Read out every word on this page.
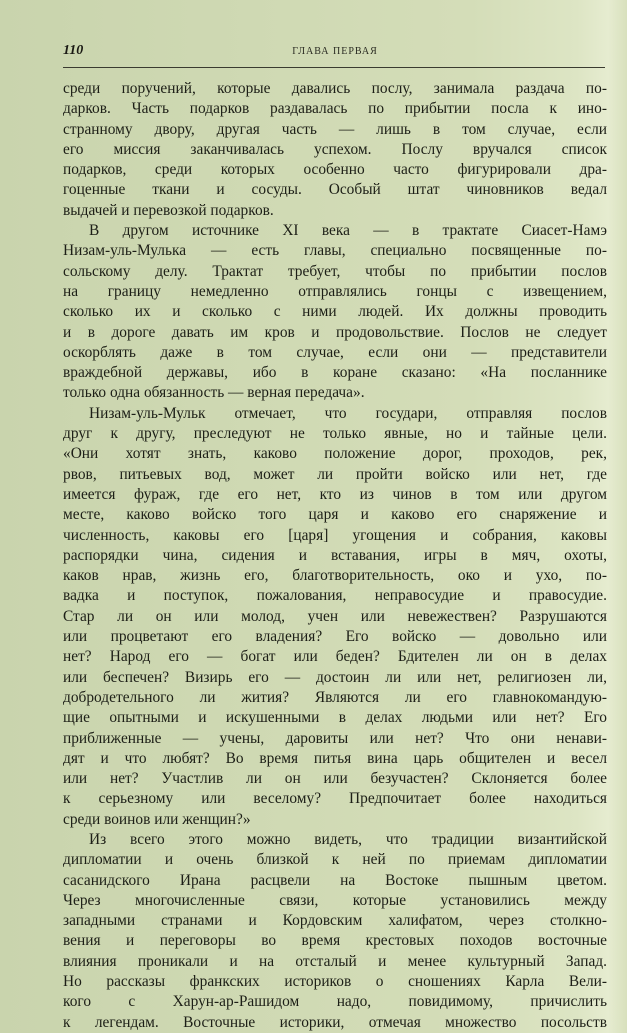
110	ГЛАВА ПЕРВАЯ
среди поручений, которые давались послу, занимала раздача по-
дарков. Часть подарков раздавалась по прибытии посла к ино-
странному двору, другая часть — лишь в том случае, если
его миссия заканчивалась успехом. Послу вручался список
подарков, среди которых особенно часто фигурировали дра-
гоценные ткани и сосуды. Особый штат чиновников ведал
выдачей и перевозкой подарков.
В другом источнике XI века — в трактате Сиасет-Намэ
Низам-уль-Мулька — есть главы, специально посвященные по-
сольскому делу. Трактат требует, чтобы по прибытии послов
на границу немедленно отправлялись гонцы с извещением,
сколько их и сколько с ними людей. Их должны проводить
и в дороге давать им кров и продовольствие. Послов не следует
оскорблять даже в том случае, если они — представители
враждебной державы, ибо в коране сказано: «На посланнике
только одна обязанность — верная передача».
Низам-уль-Мульк отмечает, что государи, отправляя послов
друг к другу, преследуют не только явные, но и тайные цели.
«Они хотят знать, каково положение дорог, проходов, рек,
рвов, питьевых вод, может ли пройти войско или нет, где
имеется фураж, где его нет, кто из чинов в том или другом
месте, каково войско того царя и каково его снаряжение и
численность, каковы его [царя] угощения и собрания, каковы
распорядки чина, сидения и вставания, игры в мяч, охоты,
каков нрав, жизнь его, благотворительность, око и ухо, по-
вадка и поступок, пожалования, неправосудие и правосудие.
Стар ли он или молод, учен или невежествен? Разрушаются
или процветают его владения? Его войско — довольно или
нет? Народ его — богат или беден? Бдителен ли он в делах
или беспечен? Визирь его — достоин ли или нет, религиозен ли,
добродетельного ли жития? Являются ли его главнокомандую-
щие опытными и искушенными в делах людьми или нет? Его
приближенные — учены, даровиты или нет? Что они ненави-
дят и что любят? Во время питья вина царь общителен и весел
или нет? Участлив ли он или безучастен? Склоняется более
к серьезному или веселому? Предпочитает более находиться
среди воинов или женщин?»
Из всего этого можно видеть, что традиции византийской
дипломатии и очень близкой к ней по приемам дипломатии
сасанидского Ирана расцвели на Востоке пышным цветом.
Через многочисленные связи, которые установились между
западными странами и Кордовским халифатом, через столкно-
вения и переговоры во время крестовых походов восточные
влияния проникали и на отсталый и менее культурный Запад.
Но рассказы франкских историков о сношениях Карла Вели-
кого с Харун-ар-Рашидом надо, повидимому, причислить
к легендам. Восточные историки, отмечая множество посольств
